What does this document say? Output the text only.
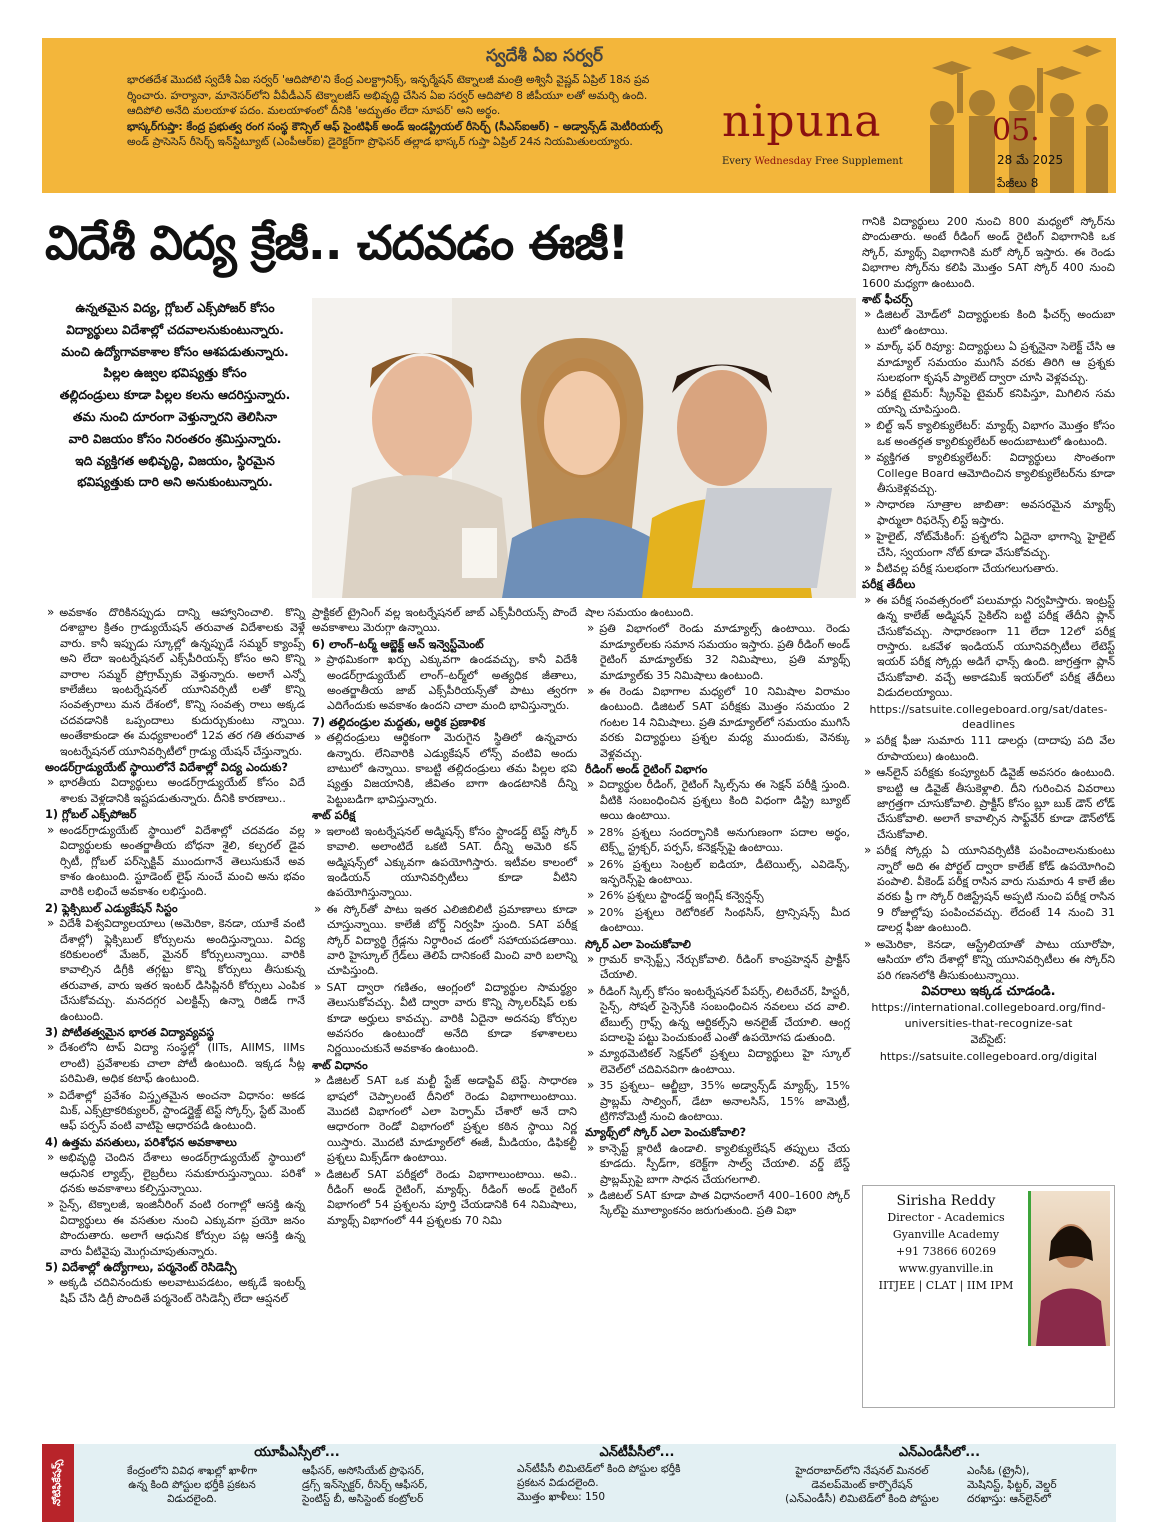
స్వదేశీ ఏఐ సర్వర్
భారతదేశ మొదటి స్వదేశీ ఏఐ సర్వర్ 'ఆదిపోలి'ని కేంద్ర ఎలక్ట్రానిక్స్, ఇన్ఫర్మేషన్ టెక్నాలజీ మంత్రి అశ్వినీ వైష్ణవ్ ఏప్రిల్ 18న ప్రవ
ర్శించారు. హర్యానా, మానెసర్‌లోని వీవీడీఎన్ టెక్నాలజీస్ అభివృద్ధి చేసిన ఏఐ సర్వర్ ఆదిపోలి 8 జీపీయూ లతో అమర్చి ఉంది.
ఆదిపోలి అనేది మలయాళ పదం. మలయాళంలో దీనికి 'అద్భుతం లేదా సూపర్' అని అర్థం.
భాస్కర్‌గుప్తా: కేంద్ర ప్రభుత్వ రంగ సంస్థ కౌన్సిల్ ఆఫ్ సైంటిఫిక్ అండ్ ఇండస్ట్రియల్ రీసెర్చ్ (సీఎస్ఐఆర్) – అడ్వాన్స్‌డ్ మెటీరియల్స్
అండ్ ప్రాసెసెస్ రీసెర్చ్ ఇన్‌స్టిట్యూట్ (ఎంపీఆర్ఐ) డైరెక్టర్‌గా ప్రొఫెసర్ తల్లాడ భాస్కర్ గుప్తా ఏప్రిల్ 24న నియమితులయ్యారు.	nipuna
Every Wednesday Free Supplement
05.
28 మే 2025
పేజీలు 8
విదేశీ విద్య క్రేజీ.. చదవడం ఈజీ!
ఉన్నతమైన విద్య, గ్లోబల్ ఎక్స్‌పోజర్ కోసం
విద్యార్థులు విదేశాల్లో చదవాలనుకుంటున్నారు.
మంచి ఉద్యోగావకాశాల కోసం ఆశపడుతున్నారు.
పిల్లల ఉజ్వల భవిష్యత్తు కోసం
తల్లిదండ్రులు కూడా పిల్లల కలను ఆదరిస్తున్నారు.
తమ నుంచి దూరంగా వెళ్తున్నారని తెలిసినా
వారి విజయం కోసం నిరంతరం శ్రమిస్తున్నారు.
ఇది వ్యక్తిగత అభివృద్ధి, విజయం, స్థిరమైన
భవిష్యత్తుకు దారి అని అనుకుంటున్నారు.

» అవకాశం దొరికినప్పుడు దాన్ని ఆహ్వానించాలి. కొన్ని దశాబ్దాల క్రితం గ్రాడ్యుయేషన్ తరువాత విదేశాలకు వెళ్లే వారు. కానీ ఇప్పుడు స్కూల్లో ఉన్నప్పుడే సమ్మర్ క్యాంప్స్ అని లేదా ఇంటర్నేషనల్ ఎక్స్‌పీరియన్స్ కోసం అని కొన్ని వారాల సమ్మర్ ప్రోగ్రామ్స్‌కు వెళ్తున్నారు. అలాగే ఎన్నో కాలేజీలు ఇంటర్నేషనల్ యూనివర్సిటీ లతో కొన్ని సంవత్సరాలు మన దేశంలో, కొన్ని సంవత్స రాలు అక్కడ చదవడానికి ఒప్పందాలు కుదుర్చుకుంటు న్నాయి. అంతేకాకుండా ఈ మధ్యకాలంలో 12వ తర గతి తరువాత ఇంటర్నేషనల్ యూనివర్సిటీలో గ్రాడ్యు యేషన్ చేస్తున్నారు.

అండర్‌గ్రాడ్యుయేట్ స్థాయిలోనే విదేశాల్లో విద్య ఎందుకు?

» భారతీయ విద్యార్థులు అండర్‌గ్రాడ్యుయేట్ కోసం విదే శాలకు వెళ్లడానికి ఇష్టపడుతున్నారు. దీనికి కారణాలు..

1) గ్లోబల్ ఎక్స్‌పోజర్

» అండర్‌గ్రాడ్యుయేట్ స్థాయిలో విదేశాల్లో చదవడం వల్ల విద్యార్థులకు అంతర్జాతీయ బోధనా శైలి, కల్చరల్ డైవ ర్సిటీ, గ్లోబల్ పర్‌స్పెక్టివ్ ముందుగానే తెలుసుకునే అవ కాశం ఉంటుంది. స్టూడెంట్ లైఫ్ నుంచే మంచి అను భవం వారికి లభించే అవకాశం లభిస్తుంది.

2) ఫ్లెక్సిబుల్ ఎడ్యుకేషన్ సిస్టం

» విదేశీ విశ్వవిద్యాలయాలు (అమెరికా, కెనడా, యూకే వంటి దేశాల్లో) ఫ్లెక్సిబుల్ కోర్సులను అందిస్తున్నాయి. విద్య కరికులంలో మేజర్, మైనర్ కోర్సులున్నాయి. వారికి కావాల్సిన డిగ్రీకి తగ్గట్టు కొన్ని కోర్సులు తీసుకున్న తరువాత, వారు ఇతర ఇంటర్ డిసిప్లినరీ కోర్సులు ఎంపిక చేసుకోవచ్చు. మనదగ్గర ఎలక్టివ్స్ ఉన్నా రిజిడ్ గానే ఉంటుంది.

3) పోటీతత్వమైన భారత విద్యావ్యవస్థ

» దేశంలోని టాప్ విద్యా సంస్థల్లో (IITs, AIIMS, IIMs లాంటి) ప్రవేశాలకు చాలా పోటీ ఉంటుంది. ఇక్కడ సీట్ల పరిమితి, అధిక కటాఫ్ ఉంటుంది.

» విదేశాల్లో ప్రవేశం విస్తృతమైన అంచనా విధానం: అకడ మిక్, ఎక్స్‌ట్రాకరిక్యులర్, స్టాండర్డైజ్డ్ టెస్ట్ స్కోర్స్, స్టేట్ మెంట్ ఆఫ్ పర్పస్ వంటి వాటిపై ఆధారపడి ఉంటుంది.

4) ఉత్తమ వసతులు, పరిశోధన అవకాశాలు

» అభివృద్ధి చెందిన దేశాలు అండర్‌గ్రాడ్యుయేట్ స్థాయిలో ఆధునిక ల్యాబ్స్, లైబ్రరీలు సమకూరుస్తున్నాయి. పరిశో ధనకు అవకాశాలు కల్పిస్తున్నాయి.

» సైన్స్, టెక్నాలజీ, ఇంజినీరింగ్ వంటి రంగాల్లో ఆసక్తి ఉన్న విద్యార్థులు ఈ వసతుల నుంచి ఎక్కువగా ప్రయో జనం పొందుతారు. అలాగే ఆధునిక కోర్సుల పట్ల ఆసక్తి ఉన్న వారు వీటివైపు మొగ్గుచూపుతున్నారు.

5) విదేశాల్లో ఉద్యోగాలు, పర్మనెంట్ రెసిడెన్సీ

» అక్కడి చదివినందుకు అలవాటుపడటం, అక్కడే ఇంటర్న్ షిప్ చేసి డిగ్రీ పొందితే పర్మనెంట్ రెసిడెన్సీ లేదా ఆప్షనల్

ప్రాక్టికల్ ట్రైనింగ్ వల్ల ఇంటర్నేషనల్ జాబ్ ఎక్స్‌పీరియన్స్ పొందే అవకాశాలు మెరుగ్గా ఉన్నాయి.

6) లాంగ్–టర్మ్ ఆబ్జెక్ట్ ఆన్ ఇన్వెస్ట్‌మెంట్

» ప్రాథమికంగా ఖర్చు ఎక్కువగా ఉండవచ్చు, కానీ విదేశీ అండర్‌గ్రాడ్యుయేట్ లాంగ్–టర్మ్‌లో అత్యధిక జీతాలు, అంతర్జాతీయ జాబ్ ఎక్స్‌పీరియన్స్‌తో పాటు త్వరగా ఎదిగేందుకు అవకాశం ఉందని చాలా మంది భావిస్తున్నారు.

7) తల్లిదండ్రుల మద్దతు, ఆర్థిక ప్రణాళిక

» తల్లిదండ్రులు ఆర్థికంగా మెరుగైన స్థితిలో ఉన్నవారు ఉన్నారు. లేనివారికి ఎడ్యుకేషన్ లోన్స్ వంటివి అందు బాటులో ఉన్నాయి. కాబట్టి తల్లిదండ్రులు తమ పిల్లల భవి ష్యత్తు విజయానికి, జీవితం బాగా ఉండటానికి దీన్ని పెట్టుబడిగా భావిస్తున్నారు.

శాట్ పరీక్ష

» ఇలాంటి ఇంటర్నేషనల్ అడ్మిషన్స్ కోసం స్టాండర్డ్ టెస్ట్ స్కోర్ కావాలి. అలాంటిదే ఒకటి SAT. దీన్ని అమెరి కన్ అడ్మిషన్స్‌లో ఎక్కువగా ఉపయోగిస్తారు. ఇటీవల కాలంలో ఇండియన్ యూనివర్సిటీలు కూడా వీటిని ఉపయోగిస్తున్నాయి.

» ఈ స్కోర్‌తో పాటు ఇతర ఎలిజిబిలిటీ ప్రమాణాలు కూడా చూస్తున్నాయి. కాలేజీ బోర్డ్ నిర్వహి స్తుంది. SAT పరీక్ష స్కోర్ విద్యార్థి గ్రేడ్లను నిర్ధారించ డంలో సహాయపడతాయి. వారి హైస్కూల్ గ్రేడ్‌లు తెలిపే దానికంటే మించి వారి బలాన్ని చూపిస్తుంది.

» SAT ద్వారా గణితం, ఆంగ్లంలో విద్యార్థుల సామర్థ్యం తెలుసుకోవచ్చు. వీటి ద్వారా వారు కొన్ని స్కాలర్‌షిప్ లకు కూడా అర్హులు కావచ్చు. వారికి ఏదైనా అదనపు కోర్సుల అవసరం ఉంటుందో అనేది కూడా కళాశాలలు నిర్ణయించుకునే అవకాశం ఉంటుంది.

శాట్ విధానం

» డిజిటల్ SAT ఒక మల్టీ స్టేజ్ అడాప్టివ్ టెస్ట్. సాధారణ భాషలో చెప్పాలంటే దీనిలో రెండు విభాగాలుంటాయి. మొదటి విభాగంలో ఎలా పెర్ఫామ్ చేశారో అనే దాని ఆధారంగా రెండో విభాగంలో ప్రశ్నల కఠిన స్థాయి నిర్ణ యిస్తారు. మొదటి మాడ్యూల్‌లో ఈజీ, మీడియం, డిఫికల్టీ ప్రశ్నలు మిక్స్‌డ్‌గా ఉంటాయి.

» డిజిటల్ SAT పరీక్షలో రెండు విభాగాలుంటాయి. అవి.. రీడింగ్ అండ్ రైటింగ్, మ్యాథ్స్. రీడింగ్ అండ్ రైటింగ్ విభాగంలో 54 ప్రశ్నలను పూర్తి చేయడానికి 64 నిమిషాలు, మ్యాథ్స్ విభాగంలో 44 ప్రశ్నలకు 70 నిమి

షాల సమయం ఉంటుంది.

» ప్రతి విభాగంలో రెండు మాడ్యూల్స్ ఉంటాయి. రెండు మాడ్యూల్‌లకు సమాన సమయం ఇస్తారు. ప్రతి రీడింగ్ అండ్ రైటింగ్ మాడ్యూల్‌కు 32 నిమిషాలు, ప్రతి మ్యాథ్స్ మాడ్యూల్‌కు 35 నిమిషాలు ఉంటుంది.

» ఈ రెండు విభాగాల మధ్యలో 10 నిమిషాల విరామం ఉంటుంది. డిజిటల్ SAT పరీక్షకు మొత్తం సమయం 2 గంటల 14 నిమిషాలు. ప్రతి మాడ్యూల్‌లో సమయం ముగిసే వరకు విద్యార్థులు ప్రశ్నల మధ్య ముందుకు, వెనక్కు వెళ్లవచ్చు.

రీడింగ్ అండ్ రైటింగ్ విభాగం

» విద్యార్థుల రీడింగ్, రైటింగ్ స్కిల్స్‌ను ఈ సెక్షన్ పరీక్షి స్తుంది. వీటికి సంబంధించిన ప్రశ్నలు కింది విధంగా డిస్ట్రి బ్యూట్ అయి ఉంటాయి.

» 28% ప్రశ్నలు సందర్భానికి అనుగుణంగా పదాల అర్థం, టెక్స్ట్ స్ట్రక్చర్, పర్పస్, కనెక్షన్స్‌పై ఉంటాయి.

» 26% ప్రశ్నలు సెంట్రల్ ఐడియా, డీటెయిల్స్, ఎవిడెన్స్, ఇన్ఫరెన్స్‌పై ఉంటాయి.

» 26% ప్రశ్నలు స్టాండర్డ్ ఇంగ్లిష్ కన్వెన్షన్స్

» 20% ప్రశ్నలు రెటోరికల్ సింథసిస్, ట్రాన్సిషన్స్ మీద ఉంటాయి.

స్కోర్ ఎలా పెంచుకోవాలి

» గ్రామర్ కాన్సెప్ట్స్ నేర్చుకోవాలి. రీడింగ్ కాంప్రహెన్షన్ ప్రాక్టీస్ చేయాలి.

» రీడింగ్ స్కిల్స్ కోసం ఇంటర్నేషనల్ పేపర్స్, లిటరేచర్, హిస్టరీ, సైన్స్, సోషల్ సైన్సెస్‌కి సంబంధించిన నవలలు చద వాలి. టేబుల్స్ గ్రాఫ్స్ ఉన్న ఆర్టికల్స్‌ని అనలైజ్ చేయాలి. ఆంగ్ల పదాలపై పట్టు పెంచుకుంటే ఎంతో ఉపయోగప డుతుంది.

» మ్యాథమెటికల్ సెక్షన్‌లో ప్రశ్నలు విద్యార్థులు హై స్కూల్ లెవెల్‌లో చదివినవిగా ఉంటాయి.

» 35 ప్రశ్నలు– ఆల్జీబ్రా, 35% అడ్వాన్స్‌డ్ మ్యాథ్స్, 15% ప్రాబ్లమ్ సాల్వింగ్, డేటా అనాలసిస్, 15% జామెట్రీ, ట్రిగొనోమెట్రీ నుంచి ఉంటాయి.

మ్యాథ్స్‌లో స్కోర్ ఎలా పెంచుకోవాలి?

» కాన్సెప్ట్ క్లారిటీ ఉండాలి. క్యాలిక్యులేషన్ తప్పులు చేయ కూడదు. స్పీడ్‌గా, కరెక్ట్‌గా సాల్వ్ చేయాలి. వర్డ్ బేస్డ్ ప్రాబ్లమ్స్‌పై బాగా సాధన చేయగలగాలి.

» డిజిటల్ SAT కూడా పాత విధానంలాగే 400–1600 స్కోర్ స్కేల్‌పై మూల్యాంకనం జరుగుతుంది. ప్రతి విభా

గానికి విద్యార్థులు 200 నుంచి 800 మధ్యలో స్కోర్‌ను పొందుతారు. అంటే రీడింగ్ అండ్ రైటింగ్ విభాగానికి ఒక స్కోర్, మ్యాథ్స్ విభాగానికి మరో స్కోర్ ఇస్తారు. ఈ రెండు విభాగాల స్కోర్‌ను కలిపి మొత్తం SAT స్కోర్ 400 నుంచి 1600 మధ్యగా ఉంటుంది.

శాట్ ఫీచర్స్

» డిజిటల్ మోడ్‌లో విద్యార్థులకు కింది ఫీచర్స్ అందుబా టులో ఉంటాయి.

» మార్క్ ఫర్ రివ్యూ: విద్యార్థులు ఏ ప్రశ్ననైనా సెలెక్ట్ చేసి ఆ మాడ్యూల్ సమయం ముగిసే వరకు తిరిగి ఆ ప్రశ్నకు సులభంగా కృషన్ ప్యాలెట్ ద్వారా చూసి వెళ్లవచ్చు.

» పరీక్ష టైమర్: స్క్రీన్‌పై టైమర్ కనిపిస్తూ, మిగిలిన సమ యాన్ని చూపిస్తుంది.

» బిల్ట్ ఇన్ క్యాలిక్యులేటర్: మ్యాథ్స్ విభాగం మొత్తం కోసం ఒక అంతర్గత క్యాలిక్యులేటర్ అందుబాటులో ఉంటుంది.

» వ్యక్తిగత క్యాలిక్యులేటర్: విద్యార్థులు సొంతంగా College Board ఆమోదించిన క్యాలిక్యులేటర్‌ను కూడా తీసుకెళ్లవచ్చు.

» సాధారణ సూత్రాల జాబితా: అవసరమైన మ్యాథ్స్ ఫార్ములా రిఫరెన్స్ లిస్ట్ ఇస్తారు.

» హైలైట్, నోట్‌మేకింగ్: ప్రశ్నలోని ఏదైనా భాగాన్ని హైలైట్ చేసి, స్వయంగా నోట్ కూడా వేసుకోవచ్చు.

» వీటివల్ల పరీక్ష సులభంగా చేయగలుగుతారు.

పరీక్ష తేదీలు

» ఈ పరీక్ష సంవత్సరంలో పలుమార్లు నిర్వహిస్తారు. ఇంట్రస్ట్ ఉన్న కాలేజ్ అడ్మిషన్ సైకిల్‌ని బట్టి పరీక్ష తేదీని ప్లాన్ చేసుకోవచ్చు. సాధారణంగా 11 లేదా 12లో పరీక్ష రాస్తారు. ఒకవేళ ఇండియన్ యూనివర్సిటీలు లేటెస్ట్ ఇయర్ పరీక్ష స్కోర్లు అడిగే ఛాన్స్ ఉంది. జాగ్రత్తగా ప్లాన్ చేసుకోవాలి. వచ్చే అకాడమిక్ ఇయర్‌లో పరీక్ష తేదీలు విడుదలయ్యాయి.

https://satsuite.collegeboard.org/sat/dates-deadlines

» పరీక్ష ఫీజు సుమారు 111 డాలర్లు (దాదాపు పది వేల రూపాయలు) ఉంటుంది.

» ఆన్‌లైన్ పరీక్షకు కంప్యూటర్ డివైజ్ అవసరం ఉంటుంది. కాబట్టి ఆ డివైజ్ తీసుకెళ్లాలి. దీని గురించిన వివరాలు జాగ్రత్తగా చూసుకోవాలి. ప్రాక్టీస్ కోసం బ్లూ బుక్ డౌన్ లోడ్ చేసుకోవాలి. అలాగే కావాల్సిన సాఫ్ట్‌వేర్ కూడా డౌన్‌లోడ్ చేసుకోవాలి.

» పరీక్ష స్కోర్లు ఏ యూనివర్సిటీకి పంపించాలనుకుంటు న్నారో అది ఈ పోర్టల్ ద్వారా కాలేజ్ కోడ్ ఉపయోగించి పంపాలి. వీకెండ్ పరీక్ష రాసిన వారు సుమారు 4 కాలే జీల వరకు ఫ్రీ గా స్కోర్ రిజిస్ట్రేషన్ అప్పటి నుంచి పరీక్ష రాసిన 9 రోజుల్లోపు పంపించవచ్చు. లేదంటే 14 నుంచి 31 డాలర్ల ఫీజు ఉంటుంది.

» అమెరికా, కెనడా, ఆస్ట్రేలియాతో పాటు యూరోపా, ఆసియా లోని దేశాల్లో కొన్ని యూనివర్సిటీలు ఈ స్కోర్‌ని పరి గణనలోకి తీసుకుంటున్నాయి.

వివరాలు ఇక్కడ చూడండి.

https://international.collegeboard.org/find-universities-that-recognize-sat

వెబ్‌సైట్:

https://satsuite.collegeboard.org/digital

Sirisha Reddy
Director - Academics
Gyanville Academy
+91 73866 60269
www.gyanville.in
IITJEE | CLAT | IIM IPM
నోటిఫికేషన్స్
యూపీఎస్సీలో...
కేంద్రంలోని వివిధ శాఖల్లో ఖాళీగా
ఉన్న కింది పోస్టుల భర్తీకి ప్రకటన
విడుదలైంది.
ఆఫీసర్, అసోసియేట్ ప్రొఫెసర్,
డ్రగ్స్ ఇన్‌స్పెక్టర్, రీసెర్చ్ ఆఫీసర్,
సైంటిస్ట్ బీ, అసిస్టెంట్ కంట్రోలర్
ఎన్‌టీపీసీలో...
ఎన్‌టీపీసీ లిమిటెడ్‌లో కింది పోస్టుల భర్తీకి
ప్రకటన విడుదలైంది.
మొత్తం ఖాళీలు: 150
ఎన్‌ఎండీసీలో...
హైదరాబాద్‌లోని నేషనల్ మినరల్
డెవలప్‌మెంట్ కార్పొరేషన్
(ఎన్ఎండీసీ) లిమిటెడ్‌లో కింది పోస్టుల
ఎంసీఓ (ట్రైనీ),
మెషినిస్ట్, ఫిట్టర్, వెల్డర్
దరఖాస్తు: ఆన్‌లైన్‌లో
